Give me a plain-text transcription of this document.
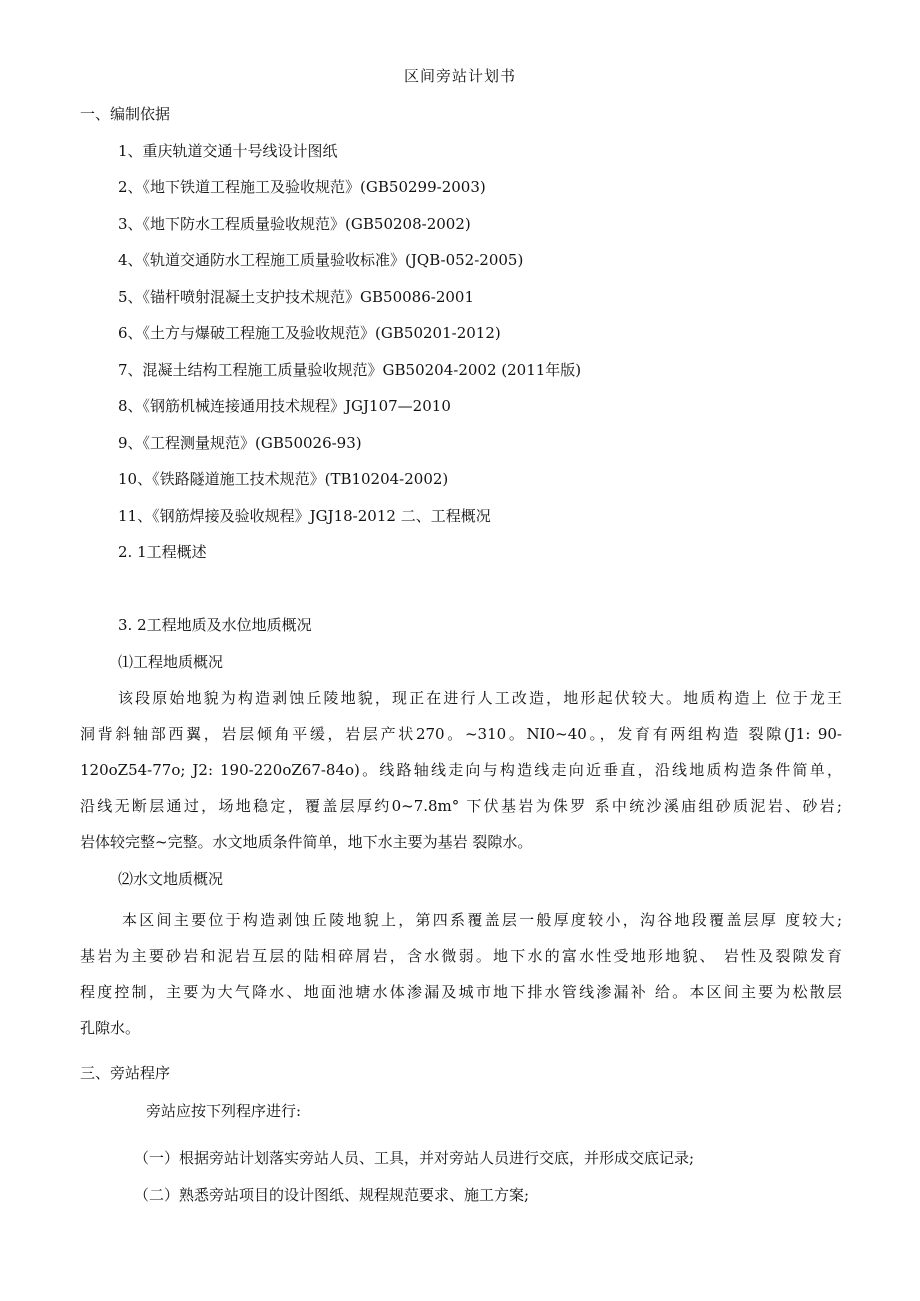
区间旁站计划书
一、编制依据
1、重庆轨道交通十号线设计图纸
2、《地下铁道工程施工及验收规范》(GB50299-2003)
3、《地下防水工程质量验收规范》(GB50208-2002)
4、《轨道交通防水工程施工质量验收标准》(JQB-052-2005)
5、《锚杆喷射混凝土支护技术规范》GB50086-2001
6、《土方与爆破工程施工及验收规范》(GB50201-2012)
7、混凝土结构工程施工质量验收规范》GB50204-2002 (2011年版)
8、《钢筋机械连接通用技术规程》JGJ107—2010
9、《工程测量规范》(GB50026-93)
10、《铁路隧道施工技术规范》(TB10204-2002)
11、《钢筋焊接及验收规程》JGJ18-2012 二、工程概况
2. 1工程概述
3. 2工程地质及水位地质概况
⑴工程地质概况
该段原始地貌为构造剥蚀丘陵地貌，现正在进行人工改造，地形起伏较大。地质构造上 位于龙王
洞背斜轴部西翼，岩层倾角平缓，岩层产状270。~310。NI0~40。，发育有两组构造 裂隙(J1: 90-
120oZ54-77o; J2: 190-220oZ67-84o)。线路轴线走向与构造线走向近垂直，沿线地质构造条件简单，
沿线无断层通过，场地稳定，覆盖层厚约0~7.8m° 下伏基岩为侏罗 系中统沙溪庙组砂质泥岩、砂岩;
岩体较完整~完整。水文地质条件简单，地下水主要为基岩 裂隙水。
⑵水文地质概况
本区间主要位于构造剥蚀丘陵地貌上，第四系覆盖层一般厚度较小，沟谷地段覆盖层厚 度较大;
基岩为主要砂岩和泥岩互层的陆相碎屑岩，含水微弱。地下水的富水性受地形地貌、 岩性及裂隙发育
程度控制，主要为大气降水、地面池塘水体渗漏及城市地下排水管线渗漏补 给。本区间主要为松散层
孔隙水。
三、旁站程序
旁站应按下列程序进行:
（一）根据旁站计划落实旁站人员、工具，并对旁站人员进行交底，并形成交底记录;
（二）熟悉旁站项目的设计图纸、规程规范要求、施工方案;
